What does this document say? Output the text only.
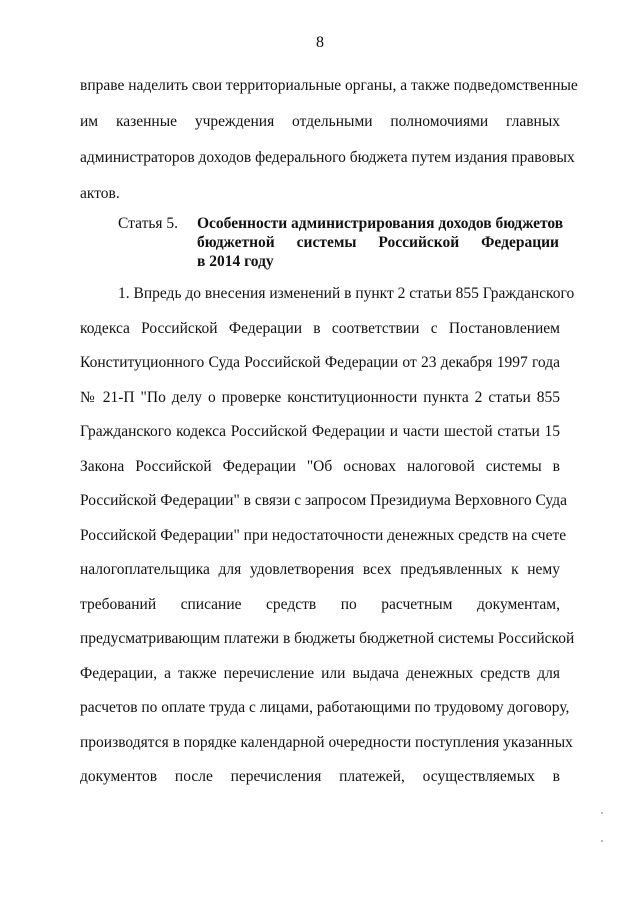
8
вправе наделить свои территориальные органы, а также подведомственные
им казенные учреждения отдельными полномочиями главных
администраторов доходов федерального бюджета путем издания правовых
актов.
Статья 5. Особенности администрирования доходов бюджетов
бюджетной системы Российской Федерации
в 2014 году
1. Впредь до внесения изменений в пункт 2 статьи 855 Гражданского
кодекса Российской Федерации в соответствии с Постановлением
Конституционного Суда Российской Федерации от 23 декабря 1997 года
№ 21-П "По делу о проверке конституционности пункта 2 статьи 855
Гражданского кодекса Российской Федерации и части шестой статьи 15
Закона Российской Федерации "Об основах налоговой системы в
Российской Федерации" в связи с запросом Президиума Верховного Суда
Российской Федерации" при недостаточности денежных средств на счете
налогоплательщика для удовлетворения всех предъявленных к нему
требований списание средств по расчетным документам,
предусматривающим платежи в бюджеты бюджетной системы Российской
Федерации, а также перечисление или выдача денежных средств для
расчетов по оплате труда с лицами, работающими по трудовому договору,
производятся в порядке календарной очередности поступления указанных
документов после перечисления платежей, осуществляемых в
